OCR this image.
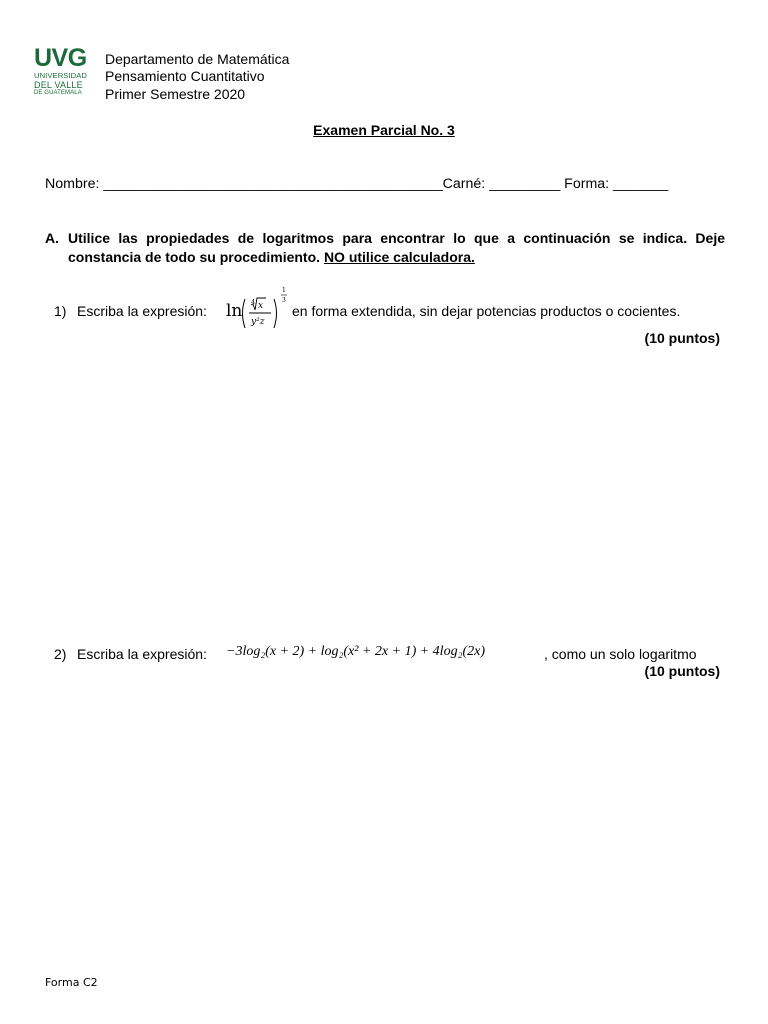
UVG
UNIVERSIDAD
DEL VALLE
DE GUATEMALA
Departamento de Matemática
Pensamiento Cuantitativo
Primer Semestre 2020
Examen Parcial No. 3
Nombre: ___________________________________________Carné: _________ Forma: _______
A. Utilice las propiedades de logaritmos para encontrar lo que a continuación se indica. Deje constancia de todo su procedimiento. NO utilice calculadora.
1) Escriba la expresión: ln 4 x
y²z
1
3
en forma extendida, sin dejar potencias productos o cocientes.
(10 puntos)
2) Escriba la expresión: −3log₂(x + 2) + log₂(x² + 2x + 1) + 4log₂(2x)	, como un solo logaritmo
(10 puntos)
Forma C2
